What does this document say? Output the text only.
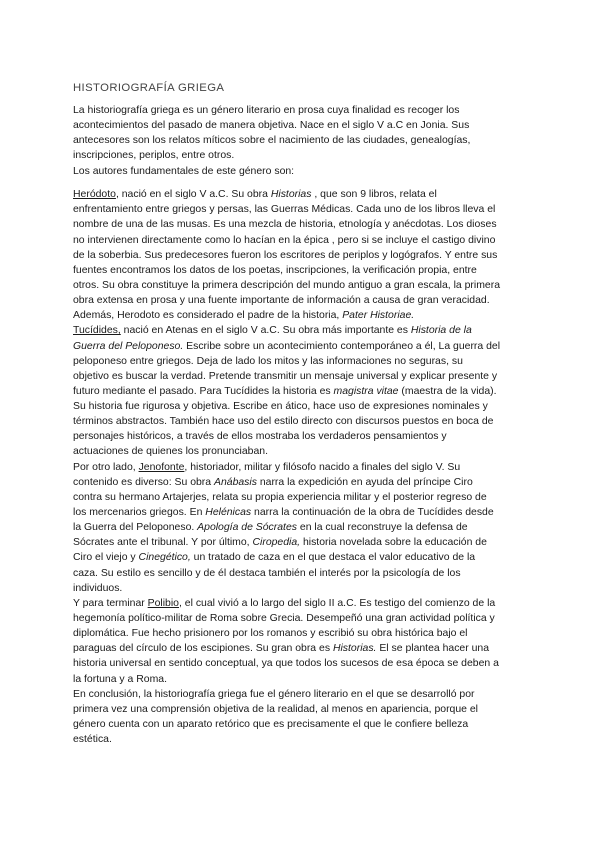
HISTORIOGRAFÍA GRIEGA
La historiografía griega es un género literario en prosa cuya finalidad es recoger los
acontecimientos del pasado de manera objetiva. Nace en el siglo V a.C en Jonia. Sus
antecesores son los relatos míticos sobre el nacimiento de las ciudades, genealogías,
inscripciones, periplos, entre otros.
Los autores fundamentales de este género son:
Heródoto, nació en el siglo V a.C. Su obra Historias , que son 9 libros, relata el
enfrentamiento entre griegos y persas, las Guerras Médicas. Cada uno de los libros lleva el
nombre de una de las musas. Es una mezcla de historia, etnología y anécdotas. Los dioses
no intervienen directamente como lo hacían en la épica , pero si se incluye el castigo divino
de la soberbia. Sus predecesores fueron los escritores de periplos y logógrafos. Y entre sus
fuentes encontramos los datos de los poetas, inscripciones, la verificación propia, entre
otros. Su obra constituye la primera descripción del mundo antiguo a gran escala, la primera
obra extensa en prosa y una fuente importante de información a causa de gran veracidad.
Además, Herodoto es considerado el padre de la historia, Pater Historiae.
Tucídides, nació en Atenas en el siglo V a.C. Su obra más importante es Historia de la
Guerra del Peloponeso. Escribe sobre un acontecimiento contemporáneo a él, La guerra del
peloponeso entre griegos. Deja de lado los mitos y las informaciones no seguras, su
objetivo es buscar la verdad. Pretende transmitir un mensaje universal y explicar presente y
futuro mediante el pasado. Para Tucídides la historia es magistra vitae (maestra de la vida).
Su historia fue rigurosa y objetiva. Escribe en ático, hace uso de expresiones nominales y
términos abstractos. También hace uso del estilo directo con discursos puestos en boca de
personajes históricos, a través de ellos mostraba los verdaderos pensamientos y
actuaciones de quienes los pronunciaban.
Por otro lado, Jenofonte, historiador, militar y filósofo nacido a finales del siglo V. Su
contenido es diverso: Su obra Anábasis narra la expedición en ayuda del príncipe Ciro
contra su hermano Artajerjes, relata su propia experiencia militar y el posterior regreso de
los mercenarios griegos. En Helénicas narra la continuación de la obra de Tucídides desde
la Guerra del Peloponeso. Apología de Sócrates en la cual reconstruye la defensa de
Sócrates ante el tribunal. Y por último, Ciropedia, historia novelada sobre la educación de
Ciro el viejo y Cinegético, un tratado de caza en el que destaca el valor educativo de la
caza. Su estilo es sencillo y de él destaca también el interés por la psicología de los
individuos.
Y para terminar Polibio, el cual vivió a lo largo del siglo II a.C. Es testigo del comienzo de la
hegemonía político-militar de Roma sobre Grecia. Desempeñó una gran actividad política y
diplomática. Fue hecho prisionero por los romanos y escribió su obra histórica bajo el
paraguas del círculo de los escipiones. Su gran obra es Historias. El se plantea hacer una
historia universal en sentido conceptual, ya que todos los sucesos de esa época se deben a
la fortuna y a Roma.
En conclusión, la historiografía griega fue el género literario en el que se desarrolló por
primera vez una comprensión objetiva de la realidad, al menos en apariencia, porque el
género cuenta con un aparato retórico que es precisamente el que le confiere belleza
estética.
